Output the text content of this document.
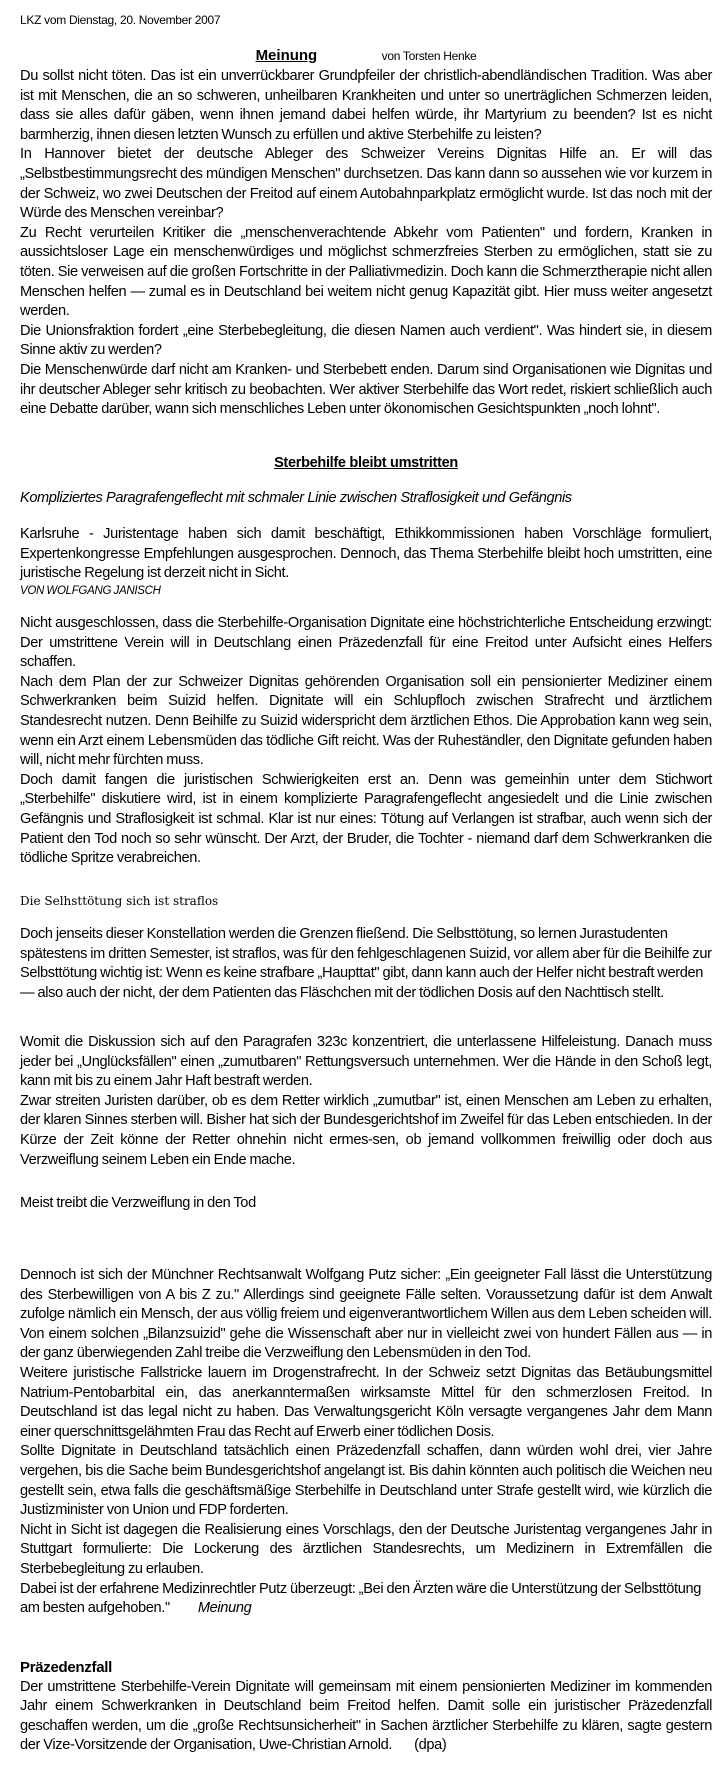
LKZ vom Dienstag, 20. November 2007
Meinung	von Torsten Henke
Du sollst nicht töten. Das ist ein unverrückbarer Grundpfeiler der christlich-abendländischen Tradition. Was aber ist mit Menschen, die an so schweren, unheilbaren Krankheiten und unter so unerträglichen Schmerzen leiden, dass sie alles dafür gäben, wenn ihnen jemand dabei helfen würde, ihr Martyrium zu beenden? Ist es nicht barmherzig, ihnen diesen letzten Wunsch zu erfüllen und aktive Sterbehilfe zu leisten?
In Hannover bietet der deutsche Ableger des Schweizer Vereins Dignitas Hilfe an. Er will das „Selbstbestimmungsrecht des mündigen Menschen" durchsetzen. Das kann dann so aussehen wie vor kurzem in der Schweiz, wo zwei Deutschen der Freitod auf einem Autobahnparkplatz ermöglicht wurde. Ist das noch mit der Würde des Menschen vereinbar?
Zu Recht verurteilen Kritiker die „menschenverachtende Abkehr vom Patienten" und fordern, Kranken in aussichtsloser Lage ein menschenwürdiges und möglichst schmerzfreies Sterben zu ermöglichen, statt sie zu töten. Sie verweisen auf die großen Fortschritte in der Palliativmedizin. Doch kann die Schmerztherapie nicht allen Menschen helfen — zumal es in Deutschland bei weitem nicht genug Kapazität gibt. Hier muss weiter angesetzt werden.
Die Unionsfraktion fordert „eine Sterbebegleitung, die diesen Namen auch verdient". Was hindert sie, in diesem Sinne aktiv zu werden?
Die Menschenwürde darf nicht am Kranken- und Sterbebett enden. Darum sind Organisationen wie Dignitas und ihr deutscher Ableger sehr kritisch zu beobachten. Wer aktiver Sterbehilfe das Wort redet, riskiert schließlich auch eine Debatte darüber, wann sich menschliches Leben unter ökonomischen Gesichtspunkten „noch lohnt".
Sterbehilfe bleibt umstritten
Kompliziertes Paragrafengeflecht mit schmaler Linie zwischen Straflosigkeit und Gefängnis
Karlsruhe - Juristentage haben sich damit beschäftigt, Ethikkommissionen haben Vorschläge formuliert, Expertenkongresse Empfehlungen ausgesprochen. Dennoch, das Thema Sterbehilfe bleibt hoch umstritten, eine juristische Regelung ist derzeit nicht in Sicht.
VON WOLFGANG JANISCH
Nicht ausgeschlossen, dass die Sterbehilfe-Organisation Dignitate eine höchstrichterliche Entscheidung erzwingt: Der umstrittene Verein will in Deutschlang einen Präzedenzfall für eine Freitod unter Aufsicht eines Helfers schaffen.
Nach dem Plan der zur Schweizer Dignitas gehörenden Organisation soll ein pensionierter Mediziner einem Schwerkranken beim Suizid helfen. Dignitate will ein Schlupfloch zwischen Strafrecht und ärztlichem Standesrecht nutzen. Denn Beihilfe zu Suizid widerspricht dem ärztlichen Ethos. Die Approbation kann weg sein, wenn ein Arzt einem Lebensmüden das tödliche Gift reicht. Was der Ruheständler, den Dignitate gefunden haben will, nicht mehr fürchten muss.
Doch damit fangen die juristischen Schwierigkeiten erst an. Denn was gemeinhin unter dem Stichwort „Sterbehilfe" diskutiere wird, ist in einem komplizierte Paragrafengeflecht angesiedelt und die Linie zwischen Gefängnis und Straflosigkeit ist schmal. Klar ist nur eines: Tötung auf Verlangen ist strafbar, auch wenn sich der Patient den Tod noch so sehr wünscht. Der Arzt, der Bruder, die Tochter - niemand darf dem Schwerkranken die tödliche Spritze verabreichen.
Die Selhsttötung sich ist straflos
Doch jenseits dieser Konstellation werden die Grenzen fließend. Die Selbsttötung, so lernen Jurastudenten spätestens im dritten Semester, ist straflos, was für den fehlgeschlagenen Suizid, vor allem aber für die Beihilfe zur Selbsttötung wichtig ist: Wenn es keine strafbare „Haupttat" gibt, dann kann auch der Helfer nicht bestraft werden — also auch der nicht, der dem Patienten das Fläschchen mit der tödlichen Dosis auf den Nachttisch stellt.
Womit die Diskussion sich auf den Paragrafen 323c konzentriert, die unterlassene Hilfeleistung. Danach muss jeder bei „Unglücksfällen" einen „zumutbaren" Rettungsversuch unternehmen. Wer die Hände in den Schoß legt, kann mit bis zu einem Jahr Haft bestraft werden.
Zwar streiten Juristen darüber, ob es dem Retter wirklich „zumutbar" ist, einen Menschen am Leben zu erhalten, der klaren Sinnes sterben will. Bisher hat sich der Bundesgerichtshof im Zweifel für das Leben entschieden. In der Kürze der Zeit könne der Retter ohnehin nicht ermes-sen, ob jemand vollkommen freiwillig oder doch aus Verzweiflung seinem Leben ein Ende mache.
Meist treibt die Verzweiflung in den Tod
Dennoch ist sich der Münchner Rechtsanwalt Wolfgang Putz sicher: „Ein geeigneter Fall lässt die Unterstützung des Sterbewilligen von A bis Z zu." Allerdings sind geeignete Fälle selten. Voraussetzung dafür ist dem Anwalt zufolge nämlich ein Mensch, der aus völlig freiem und eigenverantwortlichem Willen aus dem Leben scheiden will. Von einem solchen „Bilanzsuizid" gehe die Wissenschaft aber nur in vielleicht zwei von hundert Fällen aus — in der ganz überwiegenden Zahl treibe die Verzweiflung den Lebensmüden in den Tod.
Weitere juristische Fallstricke lauern im Drogenstrafrecht. In der Schweiz setzt Dignitas das Betäubungsmittel Natrium-Pentobarbital ein, das anerkanntermaßen wirksamste Mittel für den schmerzlosen Freitod. In Deutschland ist das legal nicht zu haben. Das Verwaltungsgericht Köln versagte vergangenes Jahr dem Mann einer querschnittsgelähmten Frau das Recht auf Erwerb einer tödlichen Dosis.
Sollte Dignitate in Deutschland tatsächlich einen Präzedenzfall schaffen, dann würden wohl drei, vier Jahre vergehen, bis die Sache beim Bundesgerichtshof angelangt ist. Bis dahin könnten auch politisch die Weichen neu gestellt sein, etwa falls die geschäftsmäßige Sterbehilfe in Deutschland unter Strafe gestellt wird, wie kürzlich die Justizminister von Union und FDP forderten.
Nicht in Sicht ist dagegen die Realisierung eines Vorschlags, den der Deutsche Juristentag vergangenes Jahr in Stuttgart formulierte: Die Lockerung des ärztlichen Standesrechts, um Medizinern in Extremfällen die Sterbebegleitung zu erlauben.
Dabei ist der erfahrene Medizinrechtler Putz überzeugt: „Bei den Ärzten wäre die Unterstützung der Selbsttötung am besten aufgehoben." Meinung
Präzedenzfall
Der umstrittene Sterbehilfe-Verein Dignitate will gemeinsam mit einem pensionierten Mediziner im kommenden Jahr einem Schwerkranken in Deutschland beim Freitod helfen. Damit solle ein juristischer Präzedenzfall geschaffen werden, um die „große Rechtsunsicherheit" in Sachen ärztlicher Sterbehilfe zu klären, sagte gestern der Vize-Vorsitzende der Organisation, Uwe-Christian Arnold. (dpa)
